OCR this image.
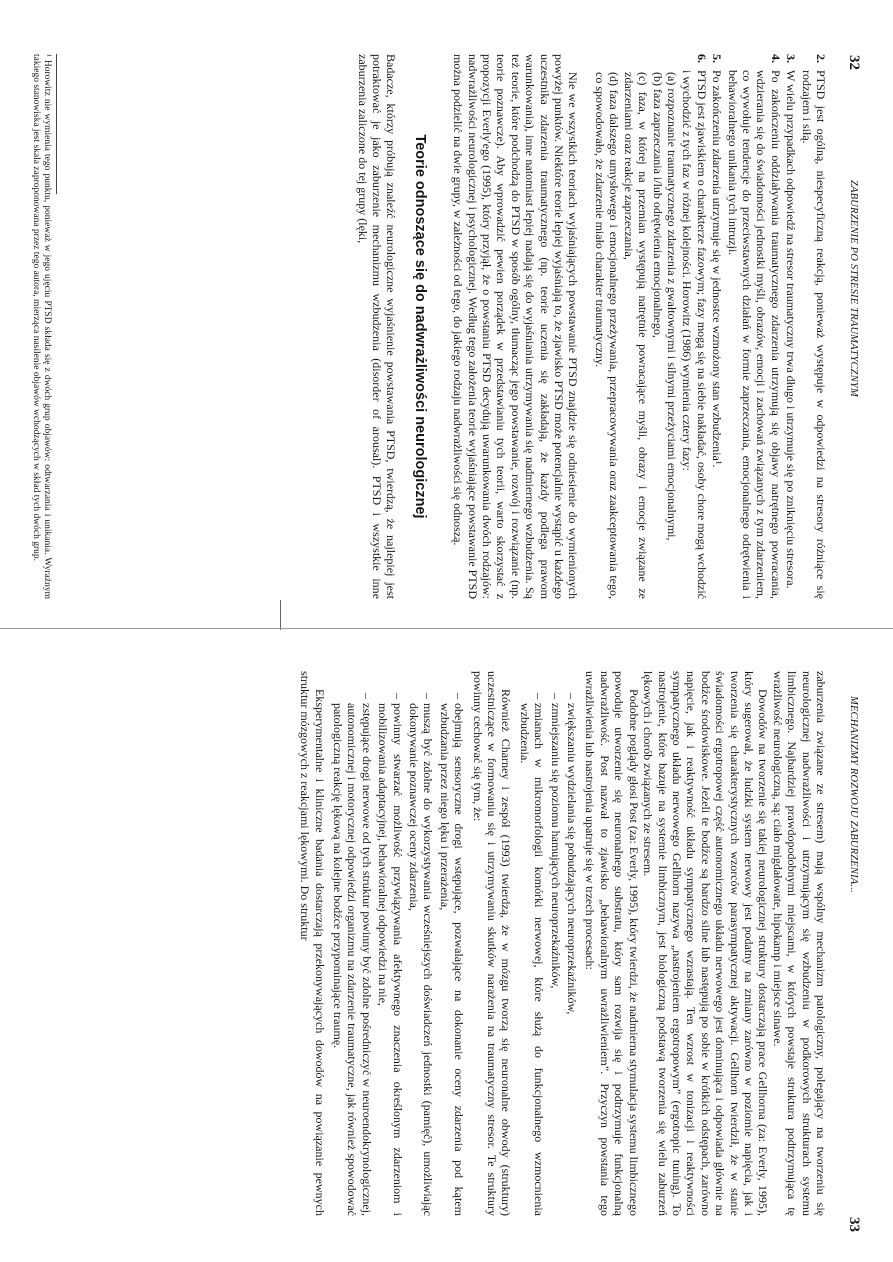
32
ZABURZENIE PO STRESIE TRAUMATYCZNYM
2.
PTSD jest ogólną, niespecyficzną reakcją, ponieważ występuje w odpowiedzi na stresory różniące się rodzajem i siłą.
3.
W wielu przypadkach odpowiedź na stresor traumatyczny trwa długo i utrzymuje się po zniknięciu stresora.
4.
Po zakończeniu oddziaływania traumatycznego zdarzenia utrzymują się objawy natrętnego powracania, wdzierania się do świadomości jednostki myśli, obrazów, emocji i zachowań związanych z tym zdarzeniem, co wywołuje tendencje do przeciwstawnych działań w formie zaprzeczania, emocjonalnego odrętwienia i behawioralnego unikania tych intruzji.
5.
Po zakończeniu zdarzenia utrzymuje się w jednostce wzmożony stan wzbudzenia¹.
6.
PTSD jest zjawiskiem o charakterze fazowym; fazy mogą się na siebie nakładać, osoby chore mogą wchodzić i wychodzić z tych faz w różnej kolejności. Horowitz (1986) wymienia cztery fazy:
(a) rozpoznanie traumatycznego zdarzenia z gwałtownymi i silnymi przeżyciami emocjonalnymi,
(b) faza zaprzeczania i/lub odrętwienia emocjonalnego,
(c) faza, w której na przemian występują natrętnie powracające myśli, obrazy i emocje związane ze zdarzeniami oraz reakcje zaprzeczania,
(d) faza dalszego umysłowego i emocjonalnego przeżywania, przepracowywania oraz zaakceptowania tego, co spowodowało, że zdarzenie miało charakter traumatyczny.

Nie we wszystkich teoriach wyjaśniających powstawanie PTSD znajdzie się odniesienie do wymienionych powyżej punktów. Niektóre teorie lepiej wyjaśniają to, że zjawisko PTSD może potencjalnie wystąpić u każdego uczestnika zdarzenia traumatycznego (np. teorie uczenia się zakładają, że każdy podlega prawom warunkowania), inne natomiast lepiej nadają się do wyjaśniania utrzymywania się nadmiernego wzbudzenia. Są też teorie, które podchodzą do PTSD w sposób ogólny, tłumacząc jego powstawanie, rozwój i rozwiązanie (np. teorie poznawcze). Aby wprowadzić pewien porządek w przedstawianiu tych teorii, warto skorzystać z propozycji Everly'ego (1995), który przyjął, że o powstaniu PTSD decydują uwarunkowania dwóch rodzajów: nadwrażliwości neurologicznej i psychologicznej. Według tego założenia teorie wyjaśniające powstawanie PTSD można podzielić na dwie grupy, w zależności od tego, do jakiego rodzaju nadwrażliwości się odnoszą.

Teorie odnoszące się do nadwrażliwości neurologicznej

Badacze, którzy próbują znaleźć neurologiczne wyjaśnienie powstawania PTSD, twierdzą, że najlepiej jest potraktować je jako zaburzenie mechanizmu wzbudzenia (disorder of arousal). PTSD i wszystkie inne zaburzenia zaliczone do tej grupy (lęki,

¹ Horowitz nie wymienia tego punktu, ponieważ w jego ujęciu PTSD składa się z dwóch grup objawów: odtwarzania i unikania. Wyraźnym takiego stanowiska jest skala zaproponowana przez tego autora, mierząca nasilenie objawów wchodzących w skład tych dwóch grup.
MECHANIZMY ROZWOJU ZABURZENIA...
33

zaburzenia związane ze stresem) mają wspólny mechanizm patologiczny, polegający na tworzeniu się neurologicznej nadwrażliwości i utrzymującym się wzbudzeniu w podkorowych strukturach systemu limbicznego. Najbardziej prawdopodobnymi miejscami, w których powstaje struktura podtrzymująca tę wrażliwość neurologiczną, są: ciało migdałowate, hipokamp i miejsce sinawe.

Dowodów na tworzenie się takiej neurologicznej struktury dostarczają prace Gellhorna (za: Everly, 1995), który sugerował, że ludzki system nerwowy jest podatny na zmiany zarówno w poziomie napięcia, jak i tworzenia się charakterystycznych wzorców parasympatycznej aktywacji. Gellhorn twierdził, że w stanie świadomości ergotropowej część autonomicznego układu nerwowego jest dominująca i odpowiada głównie na bodźce środowiskowe. Jeżeli te bodźce są bardzo silne lub następują po sobie w krótkich odstępach, zarówno napięcie, jak i reaktywność układu sympatycznego wzrastają. Ten wzrost w tonizacji i reaktywności sympatycznego układu nerwowego Gellhorn nazywa „nastrojeniem ergotropowym” (ergotropic tuning). To nastrojenie, które bazuje na systemie limbicznym, jest biologiczną podstawą tworzenia się wielu zaburzeń lękowych i chorób związanych ze stresem.

Podobne poglądy głosi Post (za: Everly, 1995), który twierdzi, że nadmierna stymulacja systemu limbicznego powoduje utworzenie się neuronalnego substratu, który sam rozwija się i podtrzymuje funkcjonalną nadwrażliwość. Post nazwał to zjawisko „behawioralnym uwrażliwieniem”. Przyczyn powstania tego uwrażliwienia lub nastrojenia upatruje się w trzech procesach:

–
zwiększaniu wydzielania się pobudzających neuroprzekaźników,
–
zmniejszaniu się poziomu hamujących neuroprzekaźników,
–
zmianach w mikromorfologii komórki nerwowej, które służą do funkcjonalnego wzmocnienia wzbudzenia.

Również Charney i zespół (1993) twierdzą, że w mózgu tworzą się neuronalne obwody (struktury) uczestniczące w formowaniu się i utrzymywaniu skutków narażenia na traumatyczny stresor. Te struktury powinny cechować się tym, że:

–
obejmują sensoryczne drogi wstępujące, pozwalające na dokonanie oceny zdarzenia pod kątem wzbudzania przez niego lęku i przerażenia,
–
muszą być zdolne do wykorzystywania wcześniejszych doświadczeń jednostki (pamięć), umożliwiając dokonywanie poznawczej oceny zdarzenia,
–
powinny stwarzać możliwość przywiązywania afektywnego znaczenia określonym zdarzeniom i mobilizowania adaptacyjnej, behawioralnej odpowiedzi na nie,
–
zstępujące drogi nerwowe od tych struktur powinny być zdolne pośredniczyć w neuroendokrynologicznej, autonomicznej i motorycznej odpowiedzi organizmu na zdarzenie traumatyczne, jak również spowodować patologiczną reakcję lękową na kolejne bodźce przypominające traumę.

Eksperymentalne i kliniczne badania dostarczają przekonywających dowodów na powiązanie pewnych struktur mózgowych z reakcjami lękowymi. Do struktur
